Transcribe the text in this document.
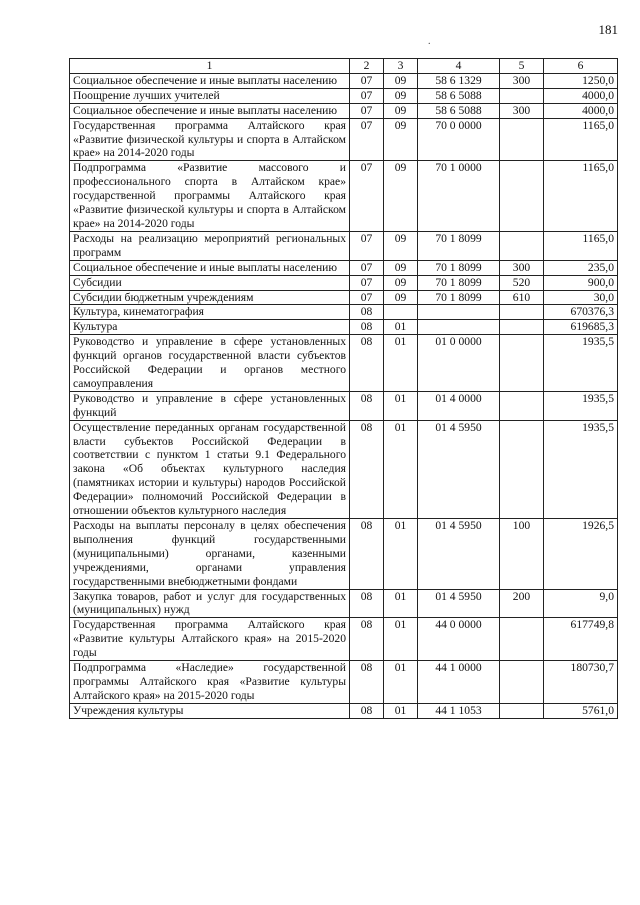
181
.
1	2	3	4	5	6
Социальное обеспечение и иные выплаты населению	07	09	58 6 1329	300	1250,0
Поощрение лучших учителей	07	09	58 6 5088		4000,0
Социальное обеспечение и иные выплаты населению	07	09	58 6 5088	300	4000,0
Государственная программа Алтайского края «Развитие физической культуры и спорта в Алтайском крае» на 2014-2020 годы	07	09	70 0 0000		1165,0
Подпрограмма «Развитие массового и профессионального спорта в Алтайском крае» государственной программы Алтайского края «Развитие физической культуры и спорта в Алтайском крае» на 2014-2020 годы	07	09	70 1 0000		1165,0
Расходы на реализацию мероприятий региональных программ	07	09	70 1 8099		1165,0
Социальное обеспечение и иные выплаты населению	07	09	70 1 8099	300	235,0
Субсидии	07	09	70 1 8099	520	900,0
Субсидии бюджетным учреждениям	07	09	70 1 8099	610	30,0
Культура, кинематография	08				670376,3
Культура	08	01			619685,3
Руководство и управление в сфере установленных функций органов государственной власти субъектов Российской Федерации и органов местного самоуправления	08	01	01 0 0000		1935,5
Руководство и управление в сфере установленных функций	08	01	01 4 0000		1935,5
Осуществление переданных органам государственной власти субъектов Российской Федерации в соответствии с пунктом 1 статьи 9.1 Федерального закона «Об объектах культурного наследия (памятниках истории и культуры) народов Российской Федерации» полномочий Российской Федерации в отношении объектов культурного наследия	08	01	01 4 5950		1935,5
Расходы на выплаты персоналу в целях обеспечения выполнения функций государственными (муниципальными) органами, казенными учреждениями, органами управления государственными внебюджетными фондами	08	01	01 4 5950	100	1926,5
Закупка товаров, работ и услуг для государственных (муниципальных) нужд	08	01	01 4 5950	200	9,0
Государственная программа Алтайского края «Развитие культуры Алтайского края» на 2015-2020 годы	08	01	44 0 0000		617749,8
Подпрограмма «Наследие» государственной программы Алтайского края «Развитие культуры Алтайского края» на 2015-2020 годы	08	01	44 1 0000		180730,7
Учреждения культуры	08	01	44 1 1053		5761,0
